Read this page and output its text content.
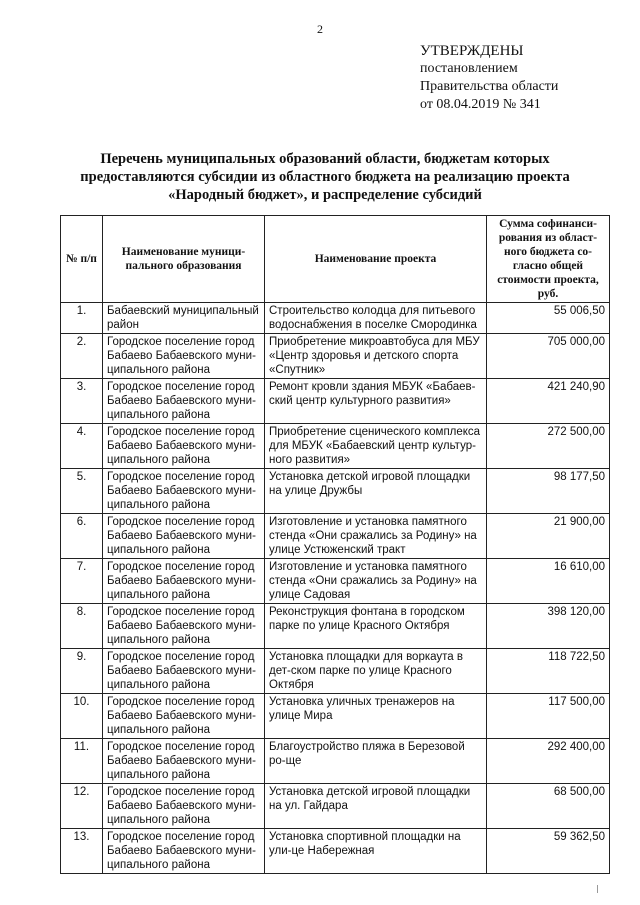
2
УТВЕРЖДЕНЫ
постановлением
Правительства области
от 08.04.2019 № 341
Перечень муниципальных образований области, бюджетам которых
предоставляются субсидии из областного бюджета на реализацию проекта
«Народный бюджет», и распределение субсидий
№ п/п	Наименование муници-пального образования	Наименование проекта	Сумма софинанси-рования из област-ного бюджета со-гласно общей стоимости проекта, руб.
1.	Бабаевский муниципальный район	Строительство колодца для питьевого водоснабжения в поселке Смородинка	55 006,50
2.	Городское поселение город Бабаево Бабаевского муни-ципального района	Приобретение микроавтобуса для МБУ «Центр здоровья и детского спорта «Спутник»	705 000,00
3.	Городское поселение город Бабаево Бабаевского муни-ципального района	Ремонт кровли здания МБУК «Бабаев-ский центр культурного развития»	421 240,90
4.	Городское поселение город Бабаево Бабаевского муни-ципального района	Приобретение сценического комплекса для МБУК «Бабаевский центр культур-ного развития»	272 500,00
5.	Городское поселение город Бабаево Бабаевского муни-ципального района	Установка детской игровой площадки на улице Дружбы	98 177,50
6.	Городское поселение город Бабаево Бабаевского муни-ципального района	Изготовление и установка памятного стенда «Они сражались за Родину» на улице Устюженский тракт	21 900,00
7.	Городское поселение город Бабаево Бабаевского муни-ципального района	Изготовление и установка памятного стенда «Они сражались за Родину» на улице Садовая	16 610,00
8.	Городское поселение город Бабаево Бабаевского муни-ципального района	Реконструкция фонтана в городском парке по улице Красного Октября	398 120,00
9.	Городское поселение город Бабаево Бабаевского муни-ципального района	Установка площадки для воркаута в дет-ском парке по улице Красного Октября	118 722,50
10.	Городское поселение город Бабаево Бабаевского муни-ципального района	Установка уличных тренажеров на улице Мира	117 500,00
11.	Городское поселение город Бабаево Бабаевского муни-ципального района	Благоустройство пляжа в Березовой ро-ще	292 400,00
12.	Городское поселение город Бабаево Бабаевского муни-ципального района	Установка детской игровой площадки на ул. Гайдара	68 500,00
13.	Городское поселение город Бабаево Бабаевского муни-ципального района	Установка спортивной площадки на ули-це Набережная	59 362,50
